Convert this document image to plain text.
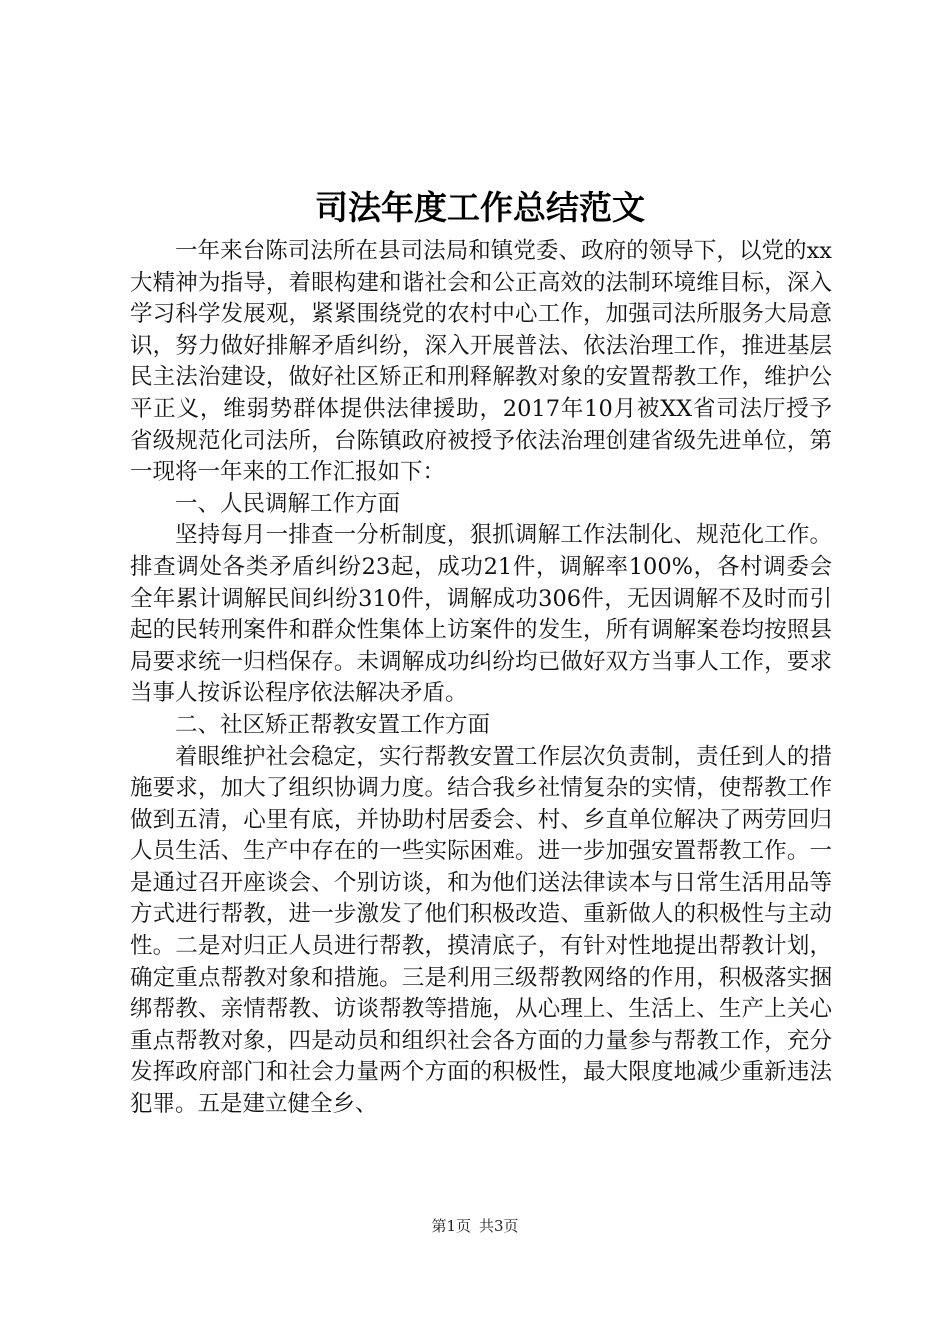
司法年度工作总结范文

一年来台陈司法所在县司法局和镇党委、政府的领导下，以党的xx大精神为指导，着眼构建和谐社会和公正高效的法制环境维目标，深入学习科学发展观，紧紧围绕党的农村中心工作，加强司法所服务大局意识，努力做好排解矛盾纠纷，深入开展普法、依法治理工作，推进基层民主法治建设，做好社区矫正和刑释解教对象的安置帮教工作，维护公平正义，维弱势群体提供法律援助，2017年10月被XX省司法厅授予省级规范化司法所，台陈镇政府被授予依法治理创建省级先进单位，第一现将一年来的工作汇报如下：

一、人民调解工作方面

坚持每月一排查一分析制度，狠抓调解工作法制化、规范化工作。排查调处各类矛盾纠纷23起，成功21件，调解率100%，各村调委会全年累计调解民间纠纷310件，调解成功306件，无因调解不及时而引起的民转刑案件和群众性集体上访案件的发生，所有调解案卷均按照县局要求统一归档保存。未调解成功纠纷均已做好双方当事人工作，要求当事人按诉讼程序依法解决矛盾。

二、社区矫正帮教安置工作方面

着眼维护社会稳定，实行帮教安置工作层次负责制，责任到人的措施要求，加大了组织协调力度。结合我乡社情复杂的实情，使帮教工作做到五清，心里有底，并协助村居委会、村、乡直单位解决了两劳回归人员生活、生产中存在的一些实际困难。进一步加强安置帮教工作。一是通过召开座谈会、个别访谈，和为他们送法律读本与日常生活用品等方式进行帮教，进一步激发了他们积极改造、重新做人的积极性与主动性。二是对归正人员进行帮教，摸清底子，有针对性地提出帮教计划，确定重点帮教对象和措施。三是利用三级帮教网络的作用，积极落实捆绑帮教、亲情帮教、访谈帮教等措施，从心理上、生活上、生产上关心重点帮教对象，四是动员和组织社会各方面的力量参与帮教工作，充分发挥政府部门和社会力量两个方面的积极性，最大限度地减少重新违法犯罪。五是建立健全乡、

第1页 共3页
